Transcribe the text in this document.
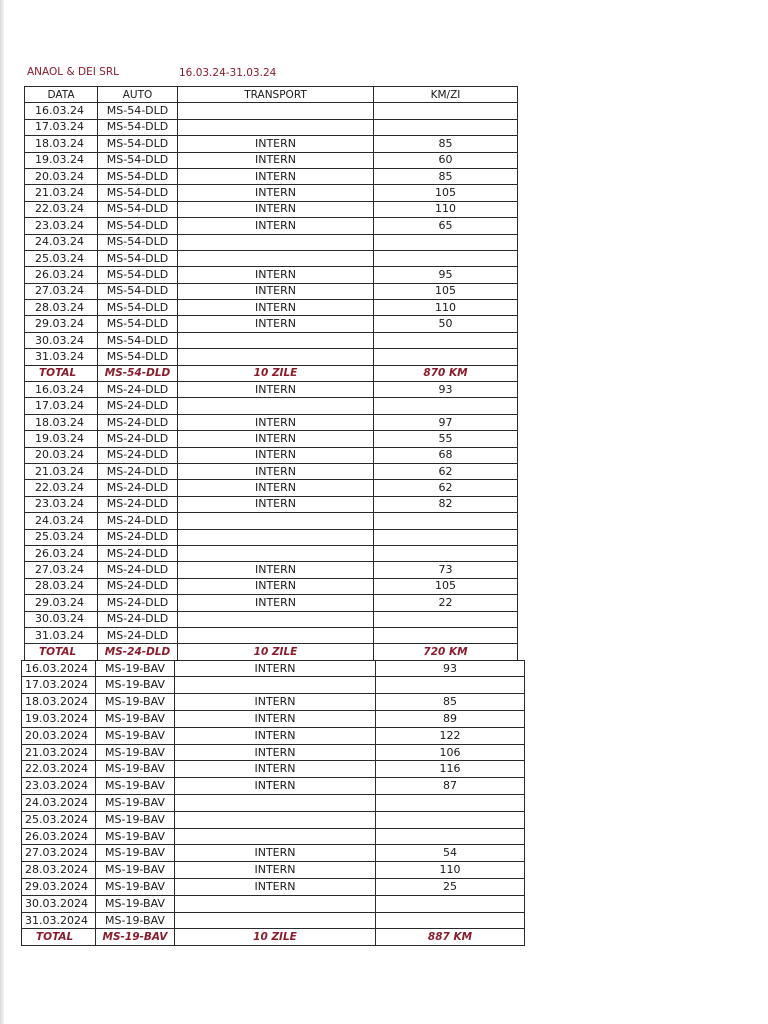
ANAOL & DEI SRL	16.03.24-31.03.24
DATA	AUTO	TRANSPORT	KM/ZI
16.03.24	MS-54-DLD		
17.03.24	MS-54-DLD		
18.03.24	MS-54-DLD	INTERN	85
19.03.24	MS-54-DLD	INTERN	60
20.03.24	MS-54-DLD	INTERN	85
21.03.24	MS-54-DLD	INTERN	105
22.03.24	MS-54-DLD	INTERN	110
23.03.24	MS-54-DLD	INTERN	65
24.03.24	MS-54-DLD		
25.03.24	MS-54-DLD		
26.03.24	MS-54-DLD	INTERN	95
27.03.24	MS-54-DLD	INTERN	105
28.03.24	MS-54-DLD	INTERN	110
29.03.24	MS-54-DLD	INTERN	50
30.03.24	MS-54-DLD		
31.03.24	MS-54-DLD		
TOTAL	MS-54-DLD	10 ZILE	870 KM
16.03.24	MS-24-DLD	INTERN	93
17.03.24	MS-24-DLD		
18.03.24	MS-24-DLD	INTERN	97
19.03.24	MS-24-DLD	INTERN	55
20.03.24	MS-24-DLD	INTERN	68
21.03.24	MS-24-DLD	INTERN	62
22.03.24	MS-24-DLD	INTERN	62
23.03.24	MS-24-DLD	INTERN	82
24.03.24	MS-24-DLD		
25.03.24	MS-24-DLD		
26.03.24	MS-24-DLD		
27.03.24	MS-24-DLD	INTERN	73
28.03.24	MS-24-DLD	INTERN	105
29.03.24	MS-24-DLD	INTERN	22
30.03.24	MS-24-DLD		
31.03.24	MS-24-DLD		
TOTAL	MS-24-DLD	10 ZILE	720 KM
16.03.2024	MS-19-BAV	INTERN	93
17.03.2024	MS-19-BAV		
18.03.2024	MS-19-BAV	INTERN	85
19.03.2024	MS-19-BAV	INTERN	89
20.03.2024	MS-19-BAV	INTERN	122
21.03.2024	MS-19-BAV	INTERN	106
22.03.2024	MS-19-BAV	INTERN	116
23.03.2024	MS-19-BAV	INTERN	87
24.03.2024	MS-19-BAV		
25.03.2024	MS-19-BAV		
26.03.2024	MS-19-BAV		
27.03.2024	MS-19-BAV	INTERN	54
28.03.2024	MS-19-BAV	INTERN	110
29.03.2024	MS-19-BAV	INTERN	25
30.03.2024	MS-19-BAV		
31.03.2024	MS-19-BAV		
TOTAL	MS-19-BAV	10 ZILE	887 KM
